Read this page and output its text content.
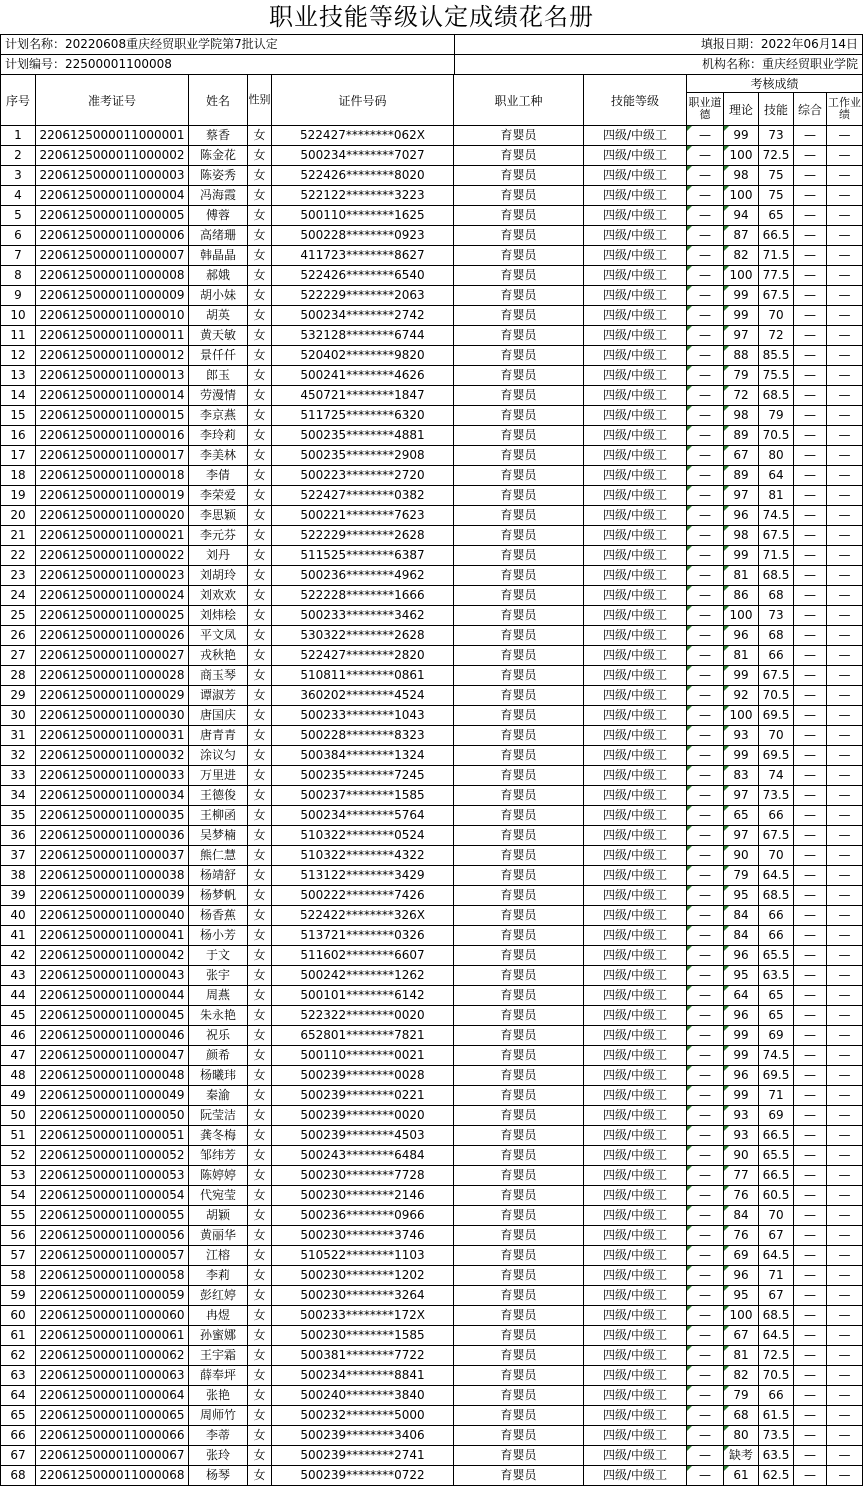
职业技能等级认定成绩花名册
计划名称：20220608重庆经贸职业学院第7批认定	填报日期：2022年06月14日
计划编号：22500001100008	机构名称：重庆经贸职业学院
序号	准考证号	姓名	性别	证件号码	职业工种	技能等级	考核成绩				
							职业道德	理论	技能	综合	工作业绩
1	2206125000011000001	蔡香	女	522427********062X	育婴员	四级/中级工	—	99	73	—	—
2	2206125000011000002	陈金花	女	500234********7027	育婴员	四级/中级工	—	100	72.5	—	—
3	2206125000011000003	陈姿秀	女	522426********8020	育婴员	四级/中级工	—	98	75	—	—
4	2206125000011000004	冯海霞	女	522122********3223	育婴员	四级/中级工	—	100	75	—	—
5	2206125000011000005	傅蓉	女	500110********1625	育婴员	四级/中级工	—	94	65	—	—
6	2206125000011000006	高绪珊	女	500228********0923	育婴员	四级/中级工	—	87	66.5	—	—
7	2206125000011000007	韩晶晶	女	411723********8627	育婴员	四级/中级工	—	82	71.5	—	—
8	2206125000011000008	郝娥	女	522426********6540	育婴员	四级/中级工	—	100	77.5	—	—
9	2206125000011000009	胡小妹	女	522229********2063	育婴员	四级/中级工	—	99	67.5	—	—
10	2206125000011000010	胡英	女	500234********2742	育婴员	四级/中级工	—	99	70	—	—
11	2206125000011000011	黄天敏	女	532128********6744	育婴员	四级/中级工	—	97	72	—	—
12	2206125000011000012	景仟仟	女	520402********9820	育婴员	四级/中级工	—	88	85.5	—	—
13	2206125000011000013	郎玉	女	500241********4626	育婴员	四级/中级工	—	79	75.5	—	—
14	2206125000011000014	劳漫情	女	450721********1847	育婴员	四级/中级工	—	72	68.5	—	—
15	2206125000011000015	李京燕	女	511725********6320	育婴员	四级/中级工	—	98	79	—	—
16	2206125000011000016	李玲莉	女	500235********4881	育婴员	四级/中级工	—	89	70.5	—	—
17	2206125000011000017	李美林	女	500235********2908	育婴员	四级/中级工	—	67	80	—	—
18	2206125000011000018	李倩	女	500223********2720	育婴员	四级/中级工	—	89	64	—	—
19	2206125000011000019	李荣爱	女	522427********0382	育婴员	四级/中级工	—	97	81	—	—
20	2206125000011000020	李思颖	女	500221********7623	育婴员	四级/中级工	—	96	74.5	—	—
21	2206125000011000021	李元芬	女	522229********2628	育婴员	四级/中级工	—	98	67.5	—	—
22	2206125000011000022	刘丹	女	511525********6387	育婴员	四级/中级工	—	99	71.5	—	—
23	2206125000011000023	刘胡玲	女	500236********4962	育婴员	四级/中级工	—	81	68.5	—	—
24	2206125000011000024	刘欢欢	女	522228********1666	育婴员	四级/中级工	—	86	68	—	—
25	2206125000011000025	刘炜桧	女	500233********3462	育婴员	四级/中级工	—	100	73	—	—
26	2206125000011000026	平文凤	女	530322********2628	育婴员	四级/中级工	—	96	68	—	—
27	2206125000011000027	戎秋艳	女	522427********2820	育婴员	四级/中级工	—	81	66	—	—
28	2206125000011000028	商玉琴	女	510811********0861	育婴员	四级/中级工	—	99	67.5	—	—
29	2206125000011000029	谭淑芳	女	360202********4524	育婴员	四级/中级工	—	92	70.5	—	—
30	2206125000011000030	唐国庆	女	500233********1043	育婴员	四级/中级工	—	100	69.5	—	—
31	2206125000011000031	唐青青	女	500228********8323	育婴员	四级/中级工	—	93	70	—	—
32	2206125000011000032	涂议匀	女	500384********1324	育婴员	四级/中级工	—	99	69.5	—	—
33	2206125000011000033	万里进	女	500235********7245	育婴员	四级/中级工	—	83	74	—	—
34	2206125000011000034	王德俊	女	500237********1585	育婴员	四级/中级工	—	97	73.5	—	—
35	2206125000011000035	王柳函	女	500234********5764	育婴员	四级/中级工	—	65	66	—	—
36	2206125000011000036	吴梦楠	女	510322********0524	育婴员	四级/中级工	—	97	67.5	—	—
37	2206125000011000037	熊仁慧	女	510322********4322	育婴员	四级/中级工	—	90	70	—	—
38	2206125000011000038	杨靖舒	女	513122********3429	育婴员	四级/中级工	—	79	64.5	—	—
39	2206125000011000039	杨梦帆	女	500222********7426	育婴员	四级/中级工	—	95	68.5	—	—
40	2206125000011000040	杨香蕉	女	522422********326X	育婴员	四级/中级工	—	84	66	—	—
41	2206125000011000041	杨小芳	女	513721********0326	育婴员	四级/中级工	—	84	66	—	—
42	2206125000011000042	于文	女	511602********6607	育婴员	四级/中级工	—	96	65.5	—	—
43	2206125000011000043	张宇	女	500242********1262	育婴员	四级/中级工	—	95	63.5	—	—
44	2206125000011000044	周燕	女	500101********6142	育婴员	四级/中级工	—	64	65	—	—
45	2206125000011000045	朱永艳	女	522322********0020	育婴员	四级/中级工	—	96	65	—	—
46	2206125000011000046	祝乐	女	652801********7821	育婴员	四级/中级工	—	99	69	—	—
47	2206125000011000047	颜希	女	500110********0021	育婴员	四级/中级工	—	99	74.5	—	—
48	2206125000011000048	杨曦玮	女	500239********0028	育婴员	四级/中级工	—	96	69.5	—	—
49	2206125000011000049	秦渝	女	500239********0221	育婴员	四级/中级工	—	99	71	—	—
50	2206125000011000050	阮莹洁	女	500239********0020	育婴员	四级/中级工	—	93	69	—	—
51	2206125000011000051	龚冬梅	女	500239********4503	育婴员	四级/中级工	—	93	66.5	—	—
52	2206125000011000052	邹纬芳	女	500243********6484	育婴员	四级/中级工	—	90	65.5	—	—
53	2206125000011000053	陈婷婷	女	500230********7728	育婴员	四级/中级工	—	77	66.5	—	—
54	2206125000011000054	代宛莹	女	500230********2146	育婴员	四级/中级工	—	76	60.5	—	—
55	2206125000011000055	胡颖	女	500236********0966	育婴员	四级/中级工	—	84	70	—	—
56	2206125000011000056	黄丽华	女	500230********3746	育婴员	四级/中级工	—	76	67	—	—
57	2206125000011000057	江榕	女	510522********1103	育婴员	四级/中级工	—	69	64.5	—	—
58	2206125000011000058	李莉	女	500230********1202	育婴员	四级/中级工	—	96	71	—	—
59	2206125000011000059	彭红婷	女	500230********3264	育婴员	四级/中级工	—	95	67	—	—
60	2206125000011000060	冉煜	女	500233********172X	育婴员	四级/中级工	—	100	68.5	—	—
61	2206125000011000061	孙蜜娜	女	500230********1585	育婴员	四级/中级工	—	67	64.5	—	—
62	2206125000011000062	王宇霜	女	500381********7722	育婴员	四级/中级工	—	81	72.5	—	—
63	2206125000011000063	薛奉坪	女	500234********8841	育婴员	四级/中级工	—	82	70.5	—	—
64	2206125000011000064	张艳	女	500240********3840	育婴员	四级/中级工	—	79	66	—	—
65	2206125000011000065	周师竹	女	500232********5000	育婴员	四级/中级工	—	68	61.5	—	—
66	2206125000011000066	李蒂	女	500239********3406	育婴员	四级/中级工	—	80	73.5	—	—
67	2206125000011000067	张玲	女	500239********2741	育婴员	四级/中级工	—	缺考	63.5	—	—
68	2206125000011000068	杨琴	女	500239********0722	育婴员	四级/中级工	—	61	62.5	—	—
